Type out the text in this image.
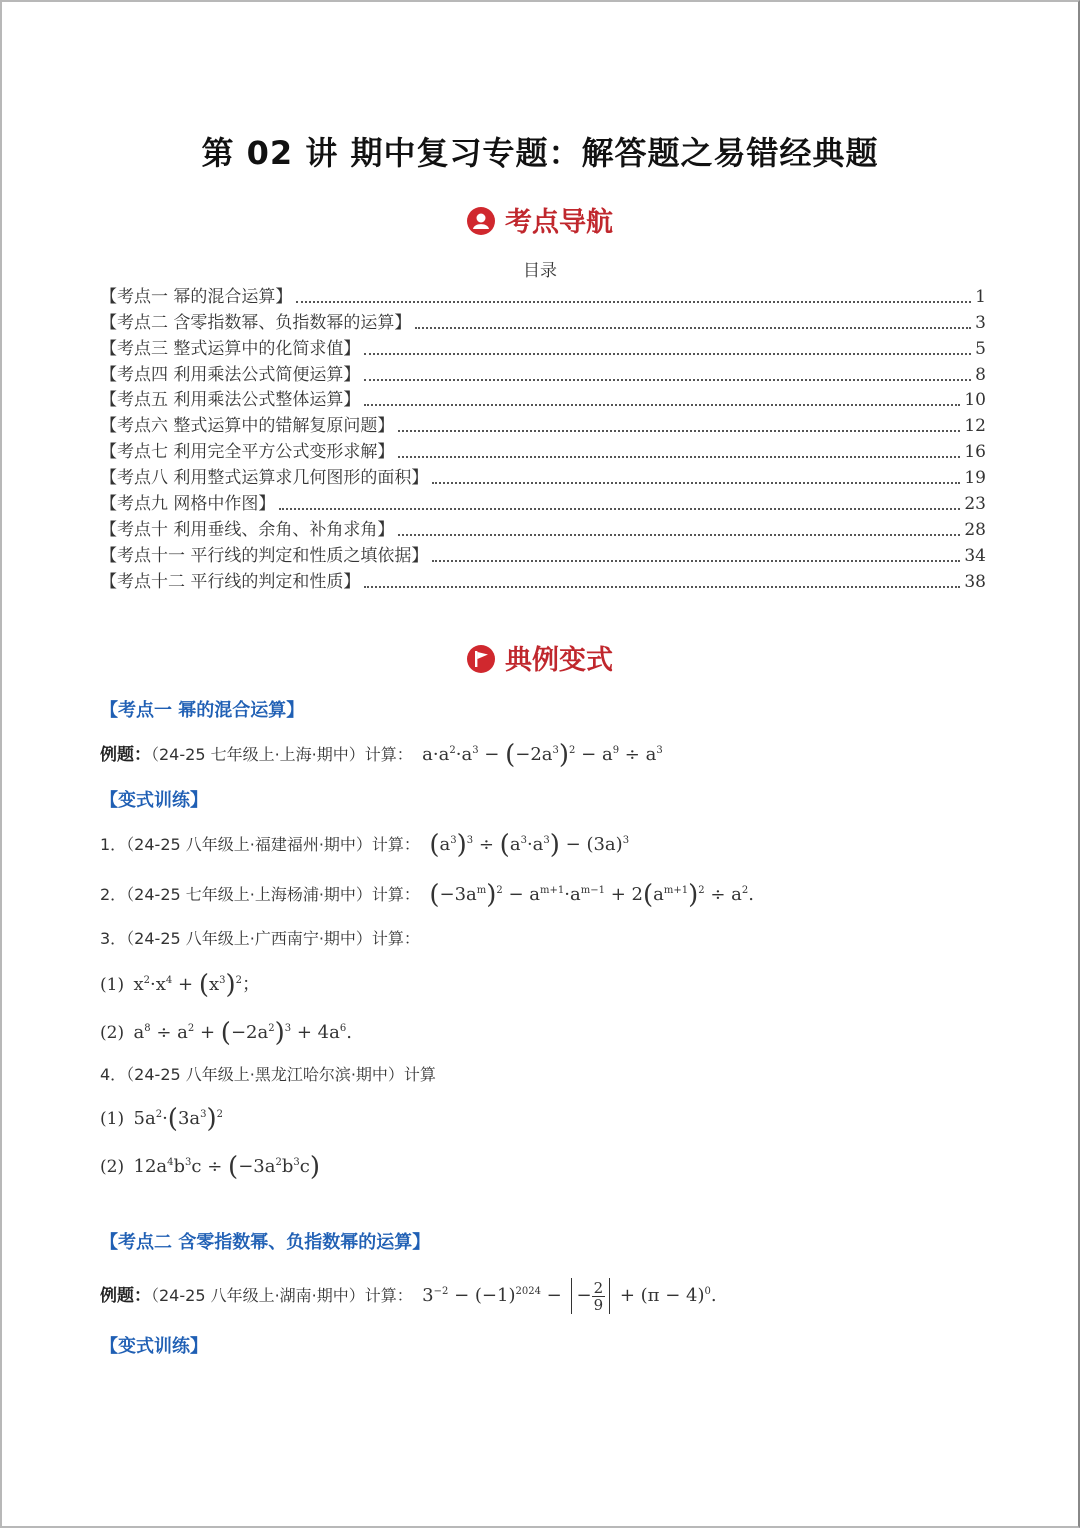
第 02 讲 期中复习专题：解答题之易错经典题
考点导航
目录
【考点一 幂的混合运算】	1
【考点二 含零指数幂、负指数幂的运算】	3
【考点三 整式运算中的化简求值】	5
【考点四 利用乘法公式简便运算】	8
【考点五 利用乘法公式整体运算】	10
【考点六 整式运算中的错解复原问题】	12
【考点七 利用完全平方公式变形求解】	16
【考点八 利用整式运算求几何图形的面积】	19
【考点九 网格中作图】	23
【考点十 利用垂线、余角、补角求角】	28
【考点十一 平行线的判定和性质之填依据】	34
【考点十二 平行线的判定和性质】	38
典例变式
【考点一 幂的混合运算】
例题：（24-25 七年级上·上海·期中）计算： $a\cdot a^2\cdot a^3 - (-2a^3)^2 - a^9 \div a^3$
【变式训练】
1．（24-25 八年级上·福建福州·期中）计算： $(a^3)^3 \div (a^3\cdot a^3) - (3a)^3$
2．（24-25 七年级上·上海杨浦·期中）计算： $(-3a^m)^2 - a^{m+1}\cdot a^{m-1} + 2(a^{m+1})^2 \div a^2$.
3．（24-25 八年级上·广西南宁·期中）计算：
(1) $x^2\cdot x^4 + (x^3)^2$；
(2) $a^8 \div a^2 + (-2a^2)^3 + 4a^6$.
4．（24-25 八年级上·黑龙江哈尔滨·期中）计算
(1) $5a^2\cdot(3a^3)^2$
(2) $12a^4b^3c \div (-3a^2b^3c)$
【考点二 含零指数幂、负指数幂的运算】
例题：（24-25 八年级上·湖南·期中）计算： $3^{-2} - (-1)^{2024}$ − − $\frac{2}{9} + (\pi - 4)^0$.
【变式训练】
